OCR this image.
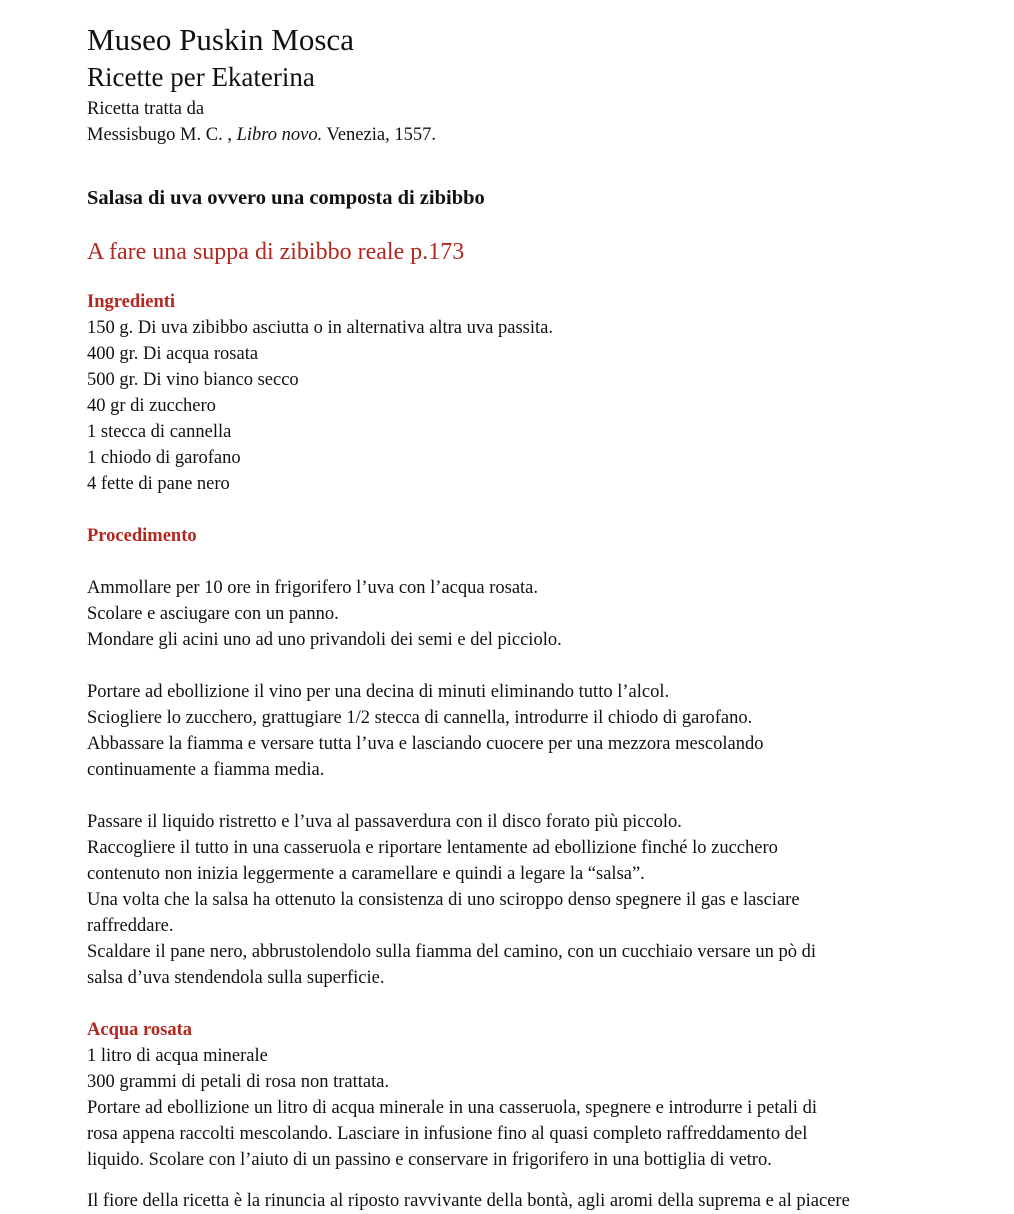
Museo Puskin Mosca
Ricette per Ekaterina

Ricetta tratta da

Messisbugo M. C. , Libro novo. Venezia, 1557.

Salasa di uva ovvero una composta di zibibbo
A fare una suppa di zibibbo reale p.173

Ingredienti

150 g. Di uva zibibbo asciutta o in alternativa altra uva passita.
400 gr. Di acqua rosata
500 gr. Di vino bianco secco
40 gr di zucchero
1 stecca di cannella
1 chiodo di garofano
4 fette di pane nero

Procedimento

Ammollare per 10 ore in frigorifero l’uva con l’acqua rosata.

Scolare e asciugare con un panno.

Mondare gli acini uno ad uno privandoli dei semi e del picciolo.

Portare ad ebollizione il vino per una decina di minuti eliminando tutto l’alcol.

Sciogliere lo zucchero, grattugiare 1/2 stecca di cannella, introdurre il chiodo di garofano.

Abbassare la fiamma e versare tutta l’uva e lasciando cuocere per una mezzora mescolando

continuamente a fiamma media.

Passare il liquido ristretto e l’uva al passaverdura con il disco forato più piccolo.

Raccogliere il tutto in una casseruola e riportare lentamente ad ebollizione finché lo zucchero

contenuto non inizia leggermente a caramellare e quindi a legare la “salsa”.

Una volta che la salsa ha ottenuto la consistenza di uno sciroppo denso spegnere il gas e lasciare

raffreddare.

Scaldare il pane nero, abbrustolendolo sulla fiamma del camino, con un cucchiaio versare un pò di

salsa d’uva stendendola sulla superficie.

Acqua rosata

1 litro di acqua minerale

300 grammi di petali di rosa non trattata.

Portare ad ebollizione un litro di acqua minerale in una casseruola, spegnere e introdurre i petali di

rosa appena raccolti mescolando. Lasciare in infusione fino al quasi completo raffreddamento del

liquido. Scolare con l’aiuto di un passino e conservare in frigorifero in una bottiglia di vetro.

Il fiore della ricetta è la rinuncia al riposto ravvivante della bontà, agli aromi della suprema e al piacere
